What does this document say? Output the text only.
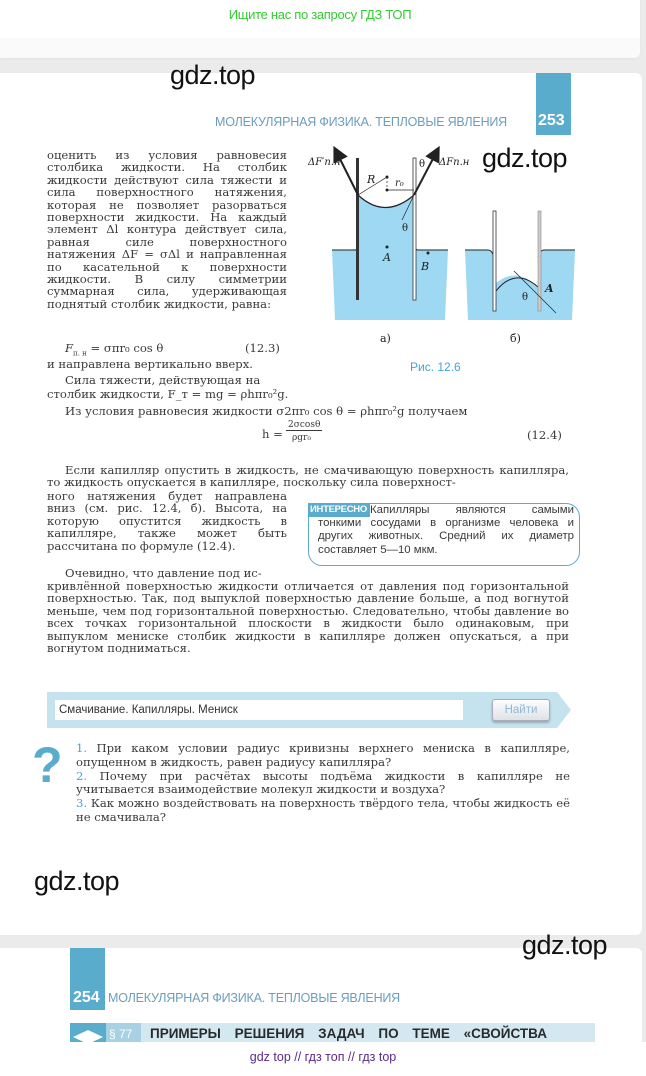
Ищите нас по запросу ГДЗ ТОП
253
МОЛЕКУЛЯРНАЯ ФИЗИКА. ТЕПЛОВЫЕ ЯВЛЕНИЯ
gdz.top
gdz.top

оценить из условия равновесия столбика жидкости. На столбик жидкости действуют сила тяжести и сила поверхностного натяжения, которая не позволяет разорваться поверхности жидкости. На каждый элемент Δl контура действует сила, равная силе поверхностного натяжения ΔF = σΔl и направленная по касательной к поверхности жидкости. В силу симметрии суммарная сила, удерживающая поднятый столбик жидкости, равна:

$F_{п. н} = \sigma\pi r_0$ cos θ	(12.3)
и направлена вертикально вверх.
Сила тяжести, действующая на
столбик жидкости, F_т = mg = ρhπr₀²g.
Из условия равновесия жидкости σ2πr₀ cos θ = ρhπr₀²g получаем
h =
2σcosθ
ρgr₀	(12.4)
ΔF′п.н	ΔFп.н
R r₀
θ
θ
A
B
θ
A
а)	б)
Рис. 12.6
Если капилляр опустить в жидкость, не смачивающую поверхность капилляра, то жидкость опускается в капилляре, поскольку сила поверхност-
ного натяжения будет направлена вниз (см. рис. 12.4, б). Высота, на которую опустится жидкость в капилляре, также может быть рассчитана по формуле (12.4).
ИНТЕРЕСНО Капилляры являются самыми тонкими сосудами в организме человека и других животных. Средний их диаметр составляет 5—10 мкм.
Очевидно, что давление под ис-
кривлённой поверхностью жидкости отличается от давления под горизонтальной поверхностью. Так, под выпуклой поверхностью давление больше, а под вогнутой меньше, чем под горизонтальной поверхностью. Следовательно, чтобы давление во всех точках горизонтальной плоскости в жидкости было одинаковым, при выпуклом мениске столбик жидкости в капилляре должен опускаться, а при вогнутом подниматься.
Смачивание. Капилляры. Мениск
Найти
? 1. При каком условии радиус кривизны верхнего мениска в капилляре, опущенном в жидкость, равен радиусу капилляра?
2. Почему при расчётах высоты подъёма жидкости в капилляре не учитывается взаимодействие молекул жидкости и воздуха?
3. Как можно воздействовать на поверхность твёрдого тела, чтобы жидкость её не смачивала?
gdz.top
gdz.top
254 МОЛЕКУЛЯРНАЯ ФИЗИКА. ТЕПЛОВЫЕ ЯВЛЕНИЯ
§ 77 ПРИМЕРЫ РЕШЕНИЯ ЗАДАЧ ПО ТЕМЕ «СВОЙСТВА
gdz top // гдз топ // гдз top
